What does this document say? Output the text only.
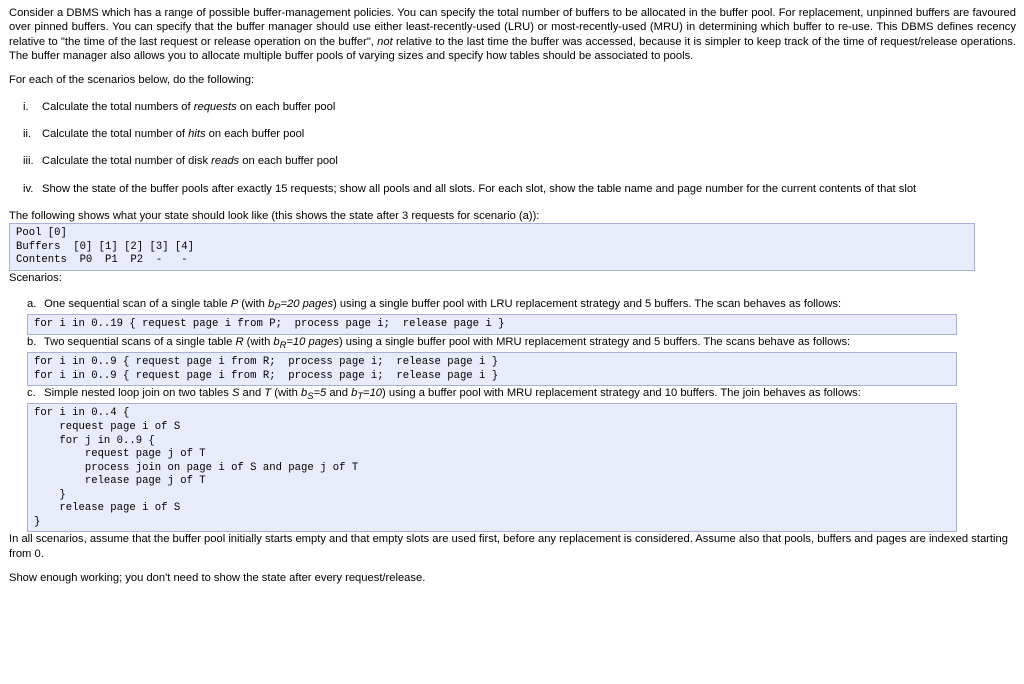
Consider a DBMS which has a range of possible buffer-management policies. You can specify the total number of buffers to be allocated in the buffer pool. For replacement, unpinned buffers are favoured over pinned buffers. You can specify that the buffer manager should use either least-recently-used (LRU) or most-recently-used (MRU) in determining which buffer to re-use. This DBMS defines recency relative to "the time of the last request or release operation on the buffer", not relative to the last time the buffer was accessed, because it is simpler to keep track of the time of request/release operations. The buffer manager also allows you to allocate multiple buffer pools of varying sizes and specify how tables should be associated to pools.

For each of the scenarios below, do the following:

i. Calculate the total numbers of requests on each buffer pool
ii. Calculate the total number of hits on each buffer pool
iii. Calculate the total number of disk reads on each buffer pool
iv. Show the state of the buffer pools after exactly 15 requests; show all pools and all slots. For each slot, show the table name and page number for the current contents of that slot

The following shows what your state should look like (this shows the state after 3 requests for scenario (a)):

Pool [0]
Buffers  [0] [1] [2] [3] [4]
Contents  P0  P1  P2  -   -

Scenarios:

a. One sequential scan of a single table P (with $b_P=20$ pages) using a single buffer pool with LRU replacement strategy and 5 buffers. The scan behaves as follows:

for i in 0..19 { request page i from P;  process page i;  release page i }

b. Two sequential scans of a single table R (with $b_R=10$ pages) using a single buffer pool with MRU replacement strategy and 5 buffers. The scans behave as follows:

for i in 0..9 { request page i from R;  process page i;  release page i }
for i in 0..9 { request page i from R;  process page i;  release page i }

c. Simple nested loop join on two tables S and T (with $b_S=5$ and $b_T=10$) using a buffer pool with MRU replacement strategy and 10 buffers. The join behaves as follows:

for i in 0..4 {
request page i of S
for j in 0..9 {
request page j of T
process join on page i of S and page j of T
release page j of T
}
release page i of S
}

In all scenarios, assume that the buffer pool initially starts empty and that empty slots are used first, before any replacement is considered. Assume also that pools, buffers and pages are indexed starting from 0.

Show enough working; you don't need to show the state after every request/release.
